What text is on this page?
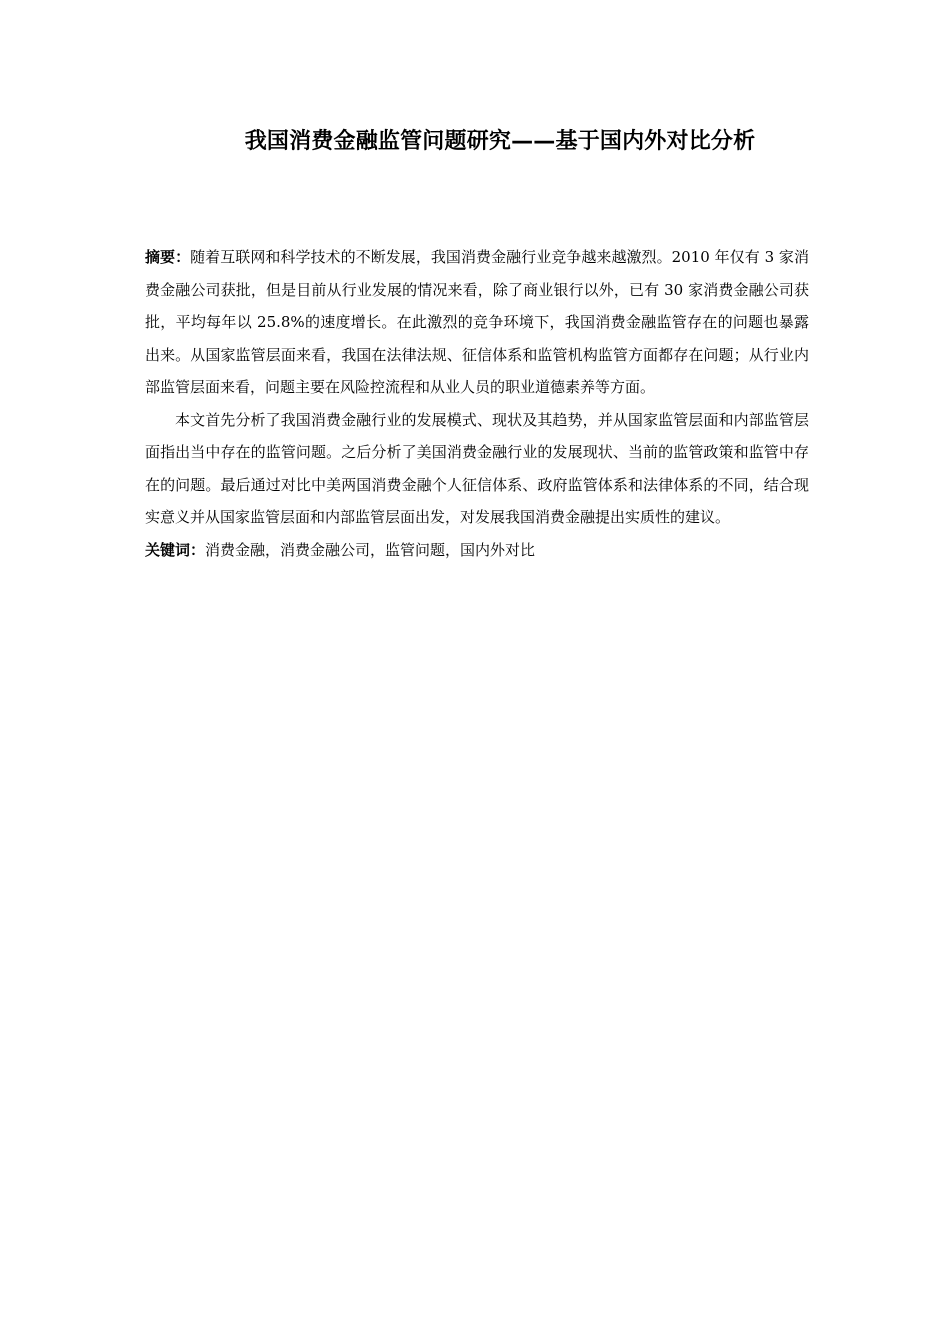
我国消费金融监管问题研究——基于国内外对比分析

摘要：随着互联网和科学技术的不断发展，我国消费金融行业竞争越来越激烈。2010 年仅有 3 家消费金融公司获批，但是目前从行业发展的情况来看，除了商业银行以外，已有 30 家消费金融公司获批，平均每年以 25.8%的速度增长。在此激烈的竞争环境下，我国消费金融监管存在的问题也暴露出来。从国家监管层面来看，我国在法律法规、征信体系和监管机构监管方面都存在问题；从行业内部监管层面来看，问题主要在风险控流程和从业人员的职业道德素养等方面。

本文首先分析了我国消费金融行业的发展模式、现状及其趋势，并从国家监管层面和内部监管层面指出当中存在的监管问题。之后分析了美国消费金融行业的发展现状、当前的监管政策和监管中存在的问题。最后通过对比中美两国消费金融个人征信体系、政府监管体系和法律体系的不同，结合现实意义并从国家监管层面和内部监管层面出发，对发展我国消费金融提出实质性的建议。

关键词：消费金融，消费金融公司，监管问题，国内外对比
